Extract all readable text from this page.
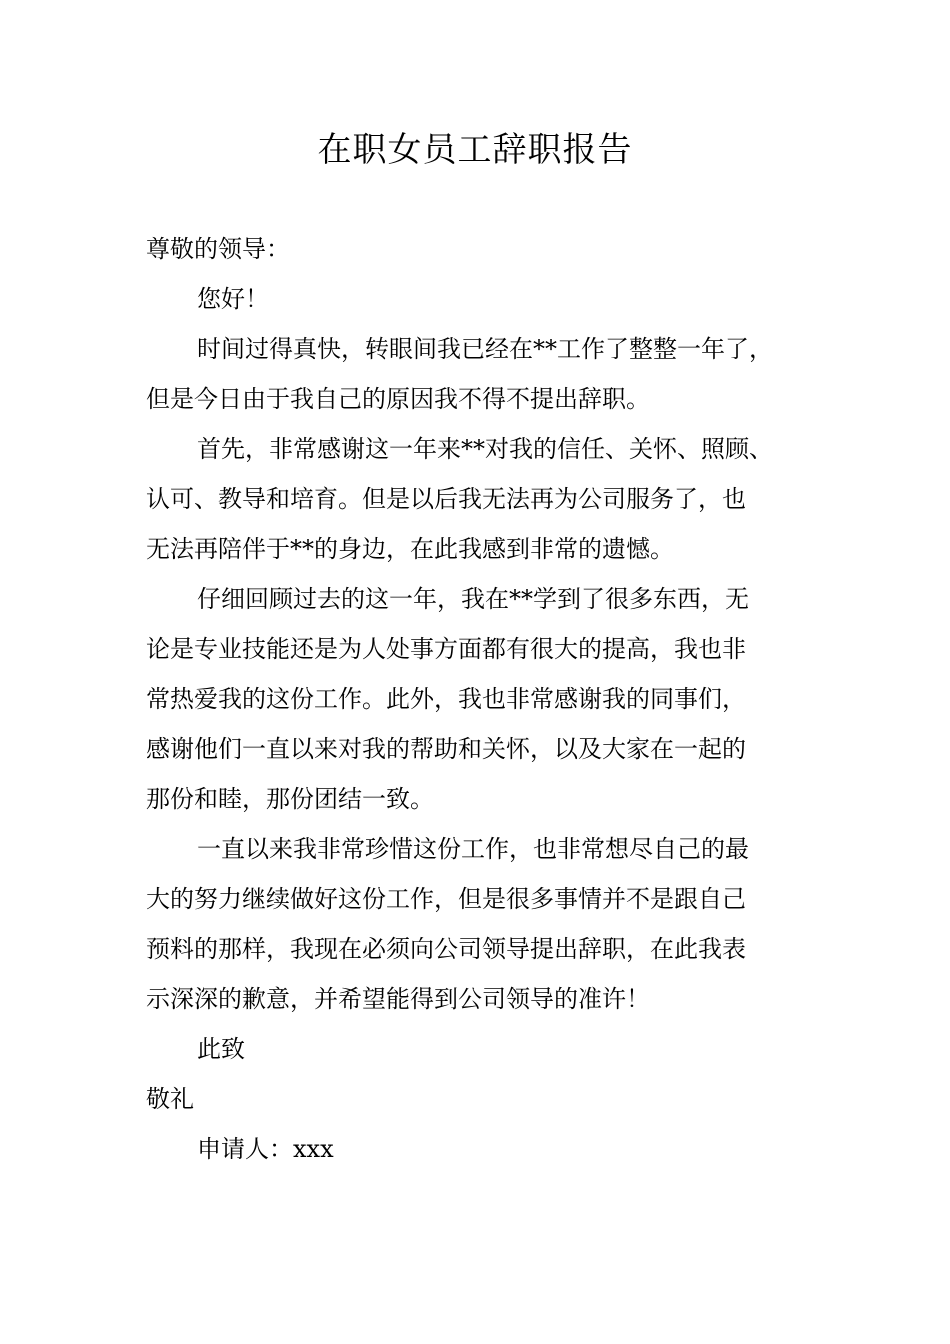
在职女员工辞职报告
尊敬的领导：
您好！
时间过得真快，转眼间我已经在**工作了整整一年了，
但是今日由于我自己的原因我不得不提出辞职。
首先，非常感谢这一年来**对我的信任、关怀、照顾、
认可、教导和培育。但是以后我无法再为公司服务了，也
无法再陪伴于**的身边，在此我感到非常的遗憾。
仔细回顾过去的这一年，我在**学到了很多东西，无
论是专业技能还是为人处事方面都有很大的提高，我也非
常热爱我的这份工作。此外，我也非常感谢我的同事们，
感谢他们一直以来对我的帮助和关怀，以及大家在一起的
那份和睦，那份团结一致。
一直以来我非常珍惜这份工作，也非常想尽自己的最
大的努力继续做好这份工作，但是很多事情并不是跟自己
预料的那样，我现在必须向公司领导提出辞职，在此我表
示深深的歉意，并希望能得到公司领导的准许！
此致
敬礼
申请人：xxx
